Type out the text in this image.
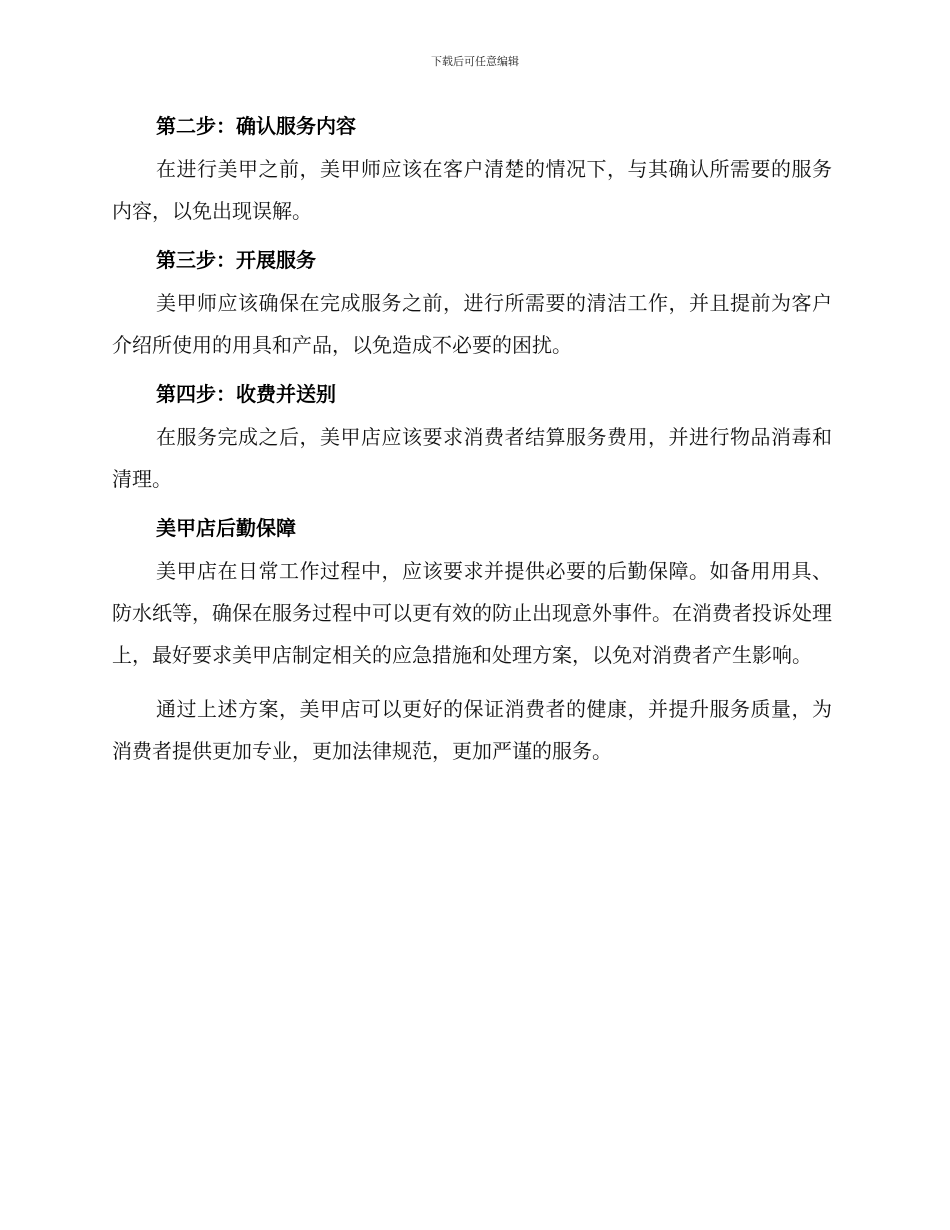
下载后可任意编辑
第二步：确认服务内容

在进行美甲之前，美甲师应该在客户清楚的情况下，与其确认所需要的服务内容，以免出现误解。

第三步：开展服务

美甲师应该确保在完成服务之前，进行所需要的清洁工作，并且提前为客户介绍所使用的用具和产品，以免造成不必要的困扰。

第四步：收费并送别

在服务完成之后，美甲店应该要求消费者结算服务费用，并进行物品消毒和清理。

美甲店后勤保障

美甲店在日常工作过程中，应该要求并提供必要的后勤保障。如备用用具、防水纸等，确保在服务过程中可以更有效的防止出现意外事件。在消费者投诉处理上，最好要求美甲店制定相关的应急措施和处理方案，以免对消费者产生影响。

通过上述方案，美甲店可以更好的保证消费者的健康，并提升服务质量，为消费者提供更加专业，更加法律规范，更加严谨的服务。
